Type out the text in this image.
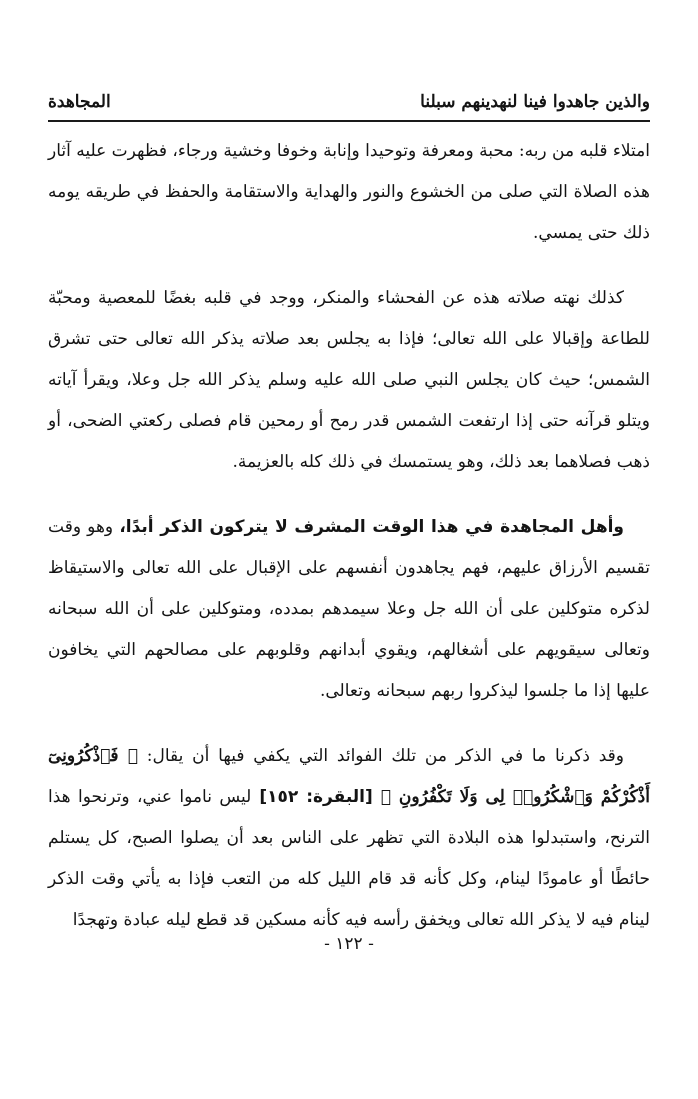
والذين جاهدوا فينا لنهدينهم سبلنا
المجاهدة

امتلاء قلبه من ربه: محبة ومعرفة وتوحيدا وإنابة وخوفا وخشية ورجاء، فظهرت عليه آثار هذه الصلاة التي صلى من الخشوع والنور والهداية والاستقامة والحفظ في طريقه يومه ذلك حتى يمسي.

كذلك نهته صلاته هذه عن الفحشاء والمنكر، ووجد في قلبه بغضًا للمعصية ومحبّة للطاعة وإقبالا على الله تعالى؛ فإذا به يجلس بعد صلاته يذكر الله تعالى حتى تشرق الشمس؛ حيث كان يجلس النبي صلى الله عليه وسلم يذكر الله جل وعلا، ويقرأ آياته ويتلو قرآنه حتى إذا ارتفعت الشمس قدر رمح أو رمحين قام فصلى ركعتي الضحى، أو ذهب فصلاهما بعد ذلك، وهو يستمسك في ذلك كله بالعزيمة.

وأهل المجاهدة في هذا الوقت المشرف لا يتركون الذكر أبدًا، وهو وقت تقسيم الأرزاق عليهم، فهم يجاهدون أنفسهم على الإقبال على الله تعالى والاستيقاظ لذكره متوكلين على أن الله جل وعلا سيمدهم بمدده، ومتوكلين على أن الله سبحانه وتعالى سيقويهم على أشغالهم، ويقوي أبدانهم وقلوبهم على مصالحهم التي يخافون عليها إذا ما جلسوا ليذكروا ربهم سبحانه وتعالى.

وقد ذكرنا ما في الذكر من تلك الفوائد التي يكفي فيها أن يقال: ﴿ فَٱذْكُرُونِىٓ أَذْكُرْكُمْ وَٱشْكُرُوا۟ لِى وَلَا تَكْفُرُونِ ﴾ [البقرة: ١٥٢] ليس ناموا عني، وترنحوا هذا الترنح، واستبدلوا هذه البلادة التي تظهر على الناس بعد أن يصلوا الصبح، كل يستلم حائطًا أو عامودًا لينام، وكل كأنه قد قام الليل كله من التعب فإذا به يأتي وقت الذكر لينام فيه لا يذكر الله تعالى ويخفق رأسه فيه كأنه مسكين قد قطع ليله عبادة وتهجدًا

- ١٢٢ -
